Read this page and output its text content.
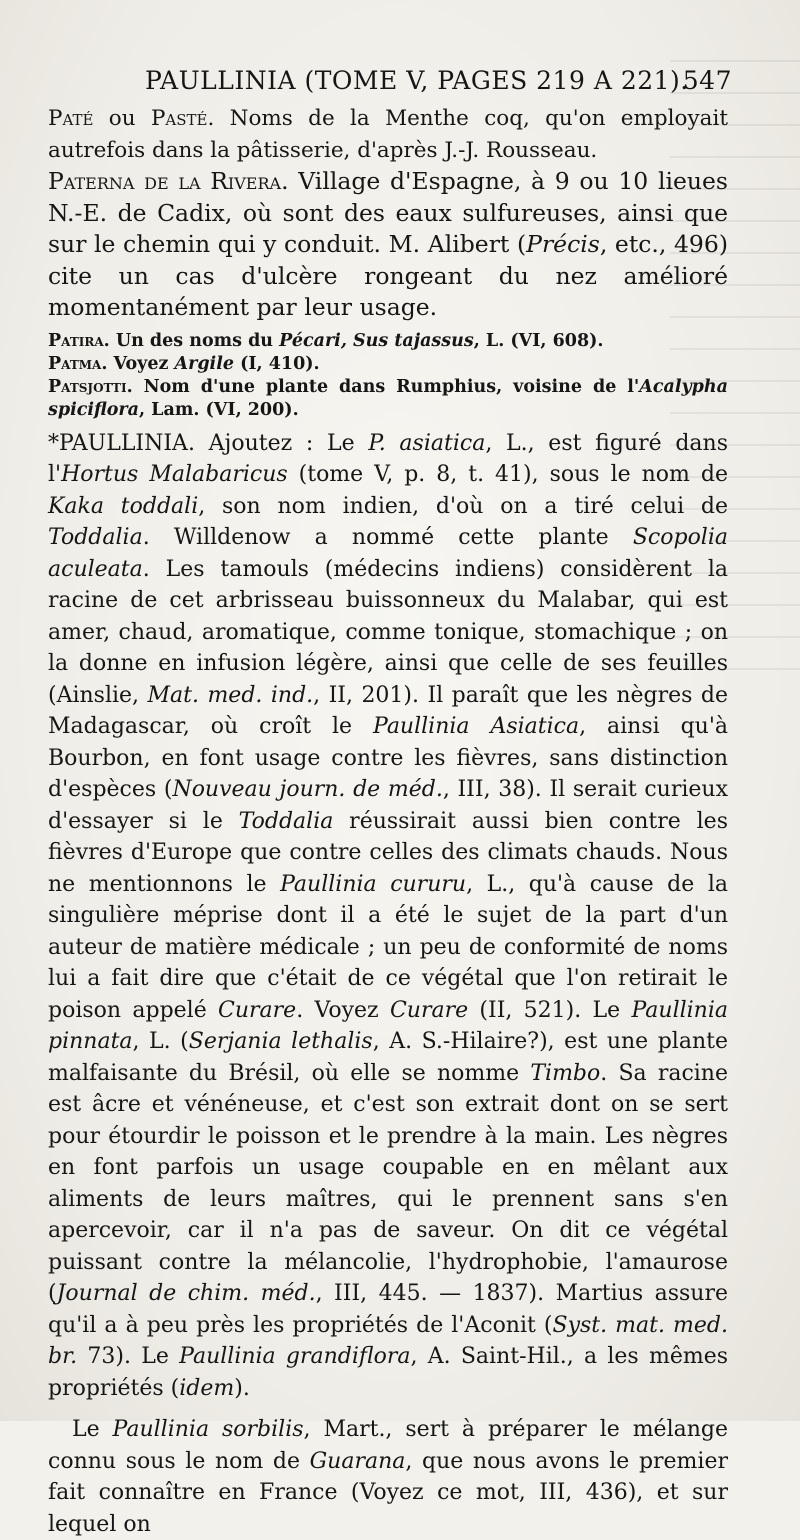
PAULLINIA (TOME V, PAGES 219 A 221).
547

Paté ou Pasté. Noms de la Menthe coq, qu'on employait autrefois dans la pâtisserie, d'après J.-J. Rousseau.

Paterna de la Rivera. Village d'Espagne, à 9 ou 10 lieues N.-E. de Cadix, où sont des eaux sulfureuses, ainsi que sur le chemin qui y conduit. M. Alibert (Précis, etc., 496) cite un cas d'ulcère rongeant du nez amélioré momentanément par leur usage.

Patira. Un des noms du Pécari, Sus tajassus, L. (VI, 608).

Patma. Voyez Argile (I, 410).

Patsjotti. Nom d'une plante dans Rumphius, voisine de l'Acalypha spiciflora, Lam. (VI, 200).

*PAULLINIA. Ajoutez : Le P. asiatica, L., est figuré dans l'Hortus Malabaricus (tome V, p. 8, t. 41), sous le nom de Kaka toddali, son nom indien, d'où on a tiré celui de Toddalia. Willdenow a nommé cette plante Scopolia aculeata. Les tamouls (médecins indiens) considèrent la racine de cet arbrisseau buissonneux du Malabar, qui est amer, chaud, aromatique, comme tonique, stomachique ; on la donne en infusion légère, ainsi que celle de ses feuilles (Ainslie, Mat. med. ind., II, 201). Il paraît que les nègres de Madagascar, où croît le Paullinia Asiatica, ainsi qu'à Bourbon, en font usage contre les fièvres, sans distinction d'espèces (Nouveau journ. de méd., III, 38). Il serait curieux d'essayer si le Toddalia réussirait aussi bien contre les fièvres d'Europe que contre celles des climats chauds. Nous ne mentionnons le Paullinia cururu, L., qu'à cause de la singulière méprise dont il a été le sujet de la part d'un auteur de matière médicale ; un peu de conformité de noms lui a fait dire que c'était de ce végétal que l'on retirait le poison appelé Curare. Voyez Curare (II, 521). Le Paullinia pinnata, L. (Serjania lethalis, A. S.-Hilaire?), est une plante malfaisante du Brésil, où elle se nomme Timbo. Sa racine est âcre et vénéneuse, et c'est son extrait dont on se sert pour étourdir le poisson et le prendre à la main. Les nègres en font parfois un usage coupable en en mêlant aux aliments de leurs maîtres, qui le prennent sans s'en apercevoir, car il n'a pas de saveur. On dit ce végétal puissant contre la mélancolie, l'hydrophobie, l'amaurose (Journal de chim. méd., III, 445. — 1837). Martius assure qu'il a à peu près les propriétés de l'Aconit (Syst. mat. med. br. 73). Le Paullinia grandiflora, A. Saint-Hil., a les mêmes propriétés (idem).

Le Paullinia sorbilis, Mart., sert à préparer le mélange connu sous le nom de Guarana, que nous avons le premier fait connaître en France (Voyez ce mot, III, 436), et sur lequel on
